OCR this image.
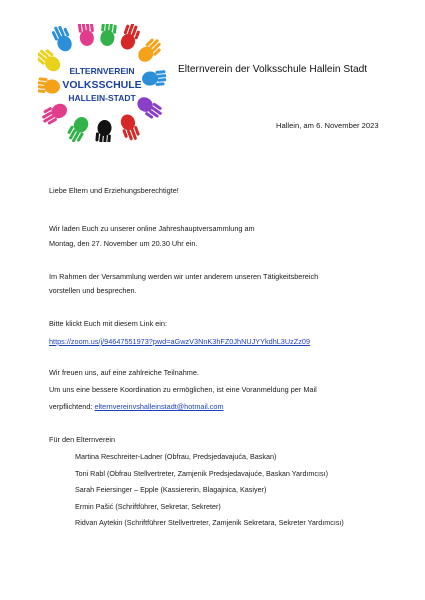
ELTERNVEREIN
VOLKSSCHULE
HALLEIN-STADT
Elternverein der Volksschule Hallein Stadt
Hallein, am 6. November 2023
Liebe Eltern und Erziehungsberechtigte!
Wir laden Euch zu unserer online Jahreshauptversammlung am
Montag, den 27. November um 20.30 Uhr ein.
Im Rahmen der Versammlung werden wir unter anderem unseren Tätigkeitsbereich
vorstellen und besprechen.
Bitte klickt Euch mit diesem Link ein:
https://zoom.us/j/94647551973?pwd=aGwzV3NnK3hFZ0JhNUJYYkdhL3UzZz09
Wir freuen uns, auf eine zahlreiche Teilnahme.
Um uns eine bessere Koordination zu ermöglichen, ist eine Voranmeldung per Mail
verpflichtend: elternvereinvshalleinstadt@hotmail.com
Für den Elternverein
Martina Reschreiter-Ladner (Obfrau, Predsjedavajuća, Baskan)
Toni Rabl (Obfrau Stellvertreter, Zamjenik Predsjedavajuće, Baskan Yardımcısı)
Sarah Feiersinger – Epple (Kassiererin, Blagajnica, Kasiyer)
Ermin Pašić (Schriftführer, Sekretar, Sekreter)
Ridvan Aytekin (Schriftführer Stellvertreter, Zamjenik Sekretara, Sekreter Yardımcısı)
